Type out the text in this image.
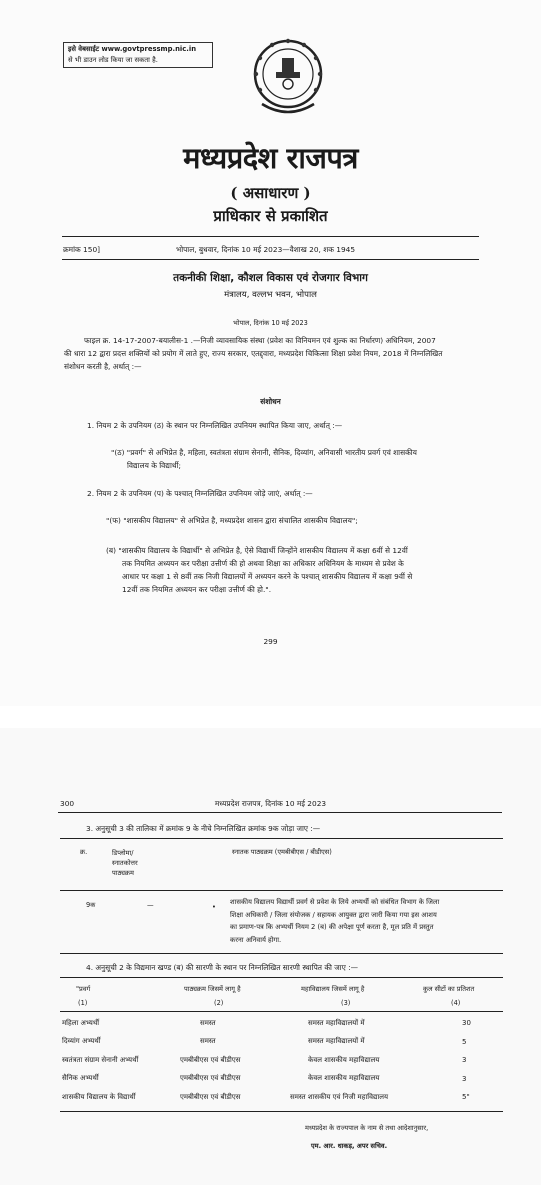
इसे वेबसाईट www.govtpressmp.nic.in
से भी डाउन लोड किया जा सकता है.
मध्यप्रदेश राजपत्र
( असाधारण )
प्राधिकार से प्रकाशित
क्रमांक 150]	भोपाल, बुधवार, दिनांक 10 मई 2023—वैशाख 20, शक 1945
तकनीकी शिक्षा, कौशल विकास एवं रोजगार विभाग
मंत्रालय, वल्लभ भवन, भोपाल
भोपाल, दिनांक 10 मई 2023
फाइल क्र. 14-17-2007-बयालीस-1 .—निजी व्यावसायिक संस्था (प्रवेश का विनियमन एवं शुल्क का निर्धारण) अधिनियम, 2007
की धारा 12 द्वारा प्रदत्त शक्तियों को प्रयोग में लाते हुए, राज्य सरकार, एतद्द्वारा, मध्यप्रदेश चिकित्सा शिक्षा प्रवेश नियम, 2018 में निम्नलिखित
संशोधन करती है, अर्थात् :—
संशोधन
1. नियम 2 के उपनियम (ठ) के स्थान पर निम्नलिखित उपनियम स्थापित किया जाए, अर्थात् :—
"(ठ) "प्रवर्ग" से अभिप्रेत है, महिला, स्वतंत्रता संग्राम सेनानी, सैनिक, दिव्यांग, अनिवासी भारतीय प्रवर्ग एवं शासकीय
विद्यालय के विद्यार्थी;
2. नियम 2 के उपनियम (प) के पश्चात् निम्नलिखित उपनियम जोड़े जाएं, अर्थात् :—
"(फ) "शासकीय विद्यालय" से अभिप्रेत है, मध्यप्रदेश शासन द्वारा संचालित शासकीय विद्यालय";
(ब) "शासकीय विद्यालय के विद्यार्थी" से अभिप्रेत है, ऐसे विद्यार्थी जिन्होंने शासकीय विद्यालय में कक्षा 6वीं से 12वीं
तक नियमित अध्ययन कर परीक्षा उत्तीर्ण की हो अथवा शिक्षा का अधिकार अधिनियम के माध्यम से प्रवेश के
आधार पर कक्षा 1 से 8वीं तक निजी विद्यालयों में अध्ययन करने के पश्चात् शासकीय विद्यालय में कक्षा 9वीं से
12वीं तक नियमित अध्ययन कर परीक्षा उत्तीर्ण की हो.".
299
300	मध्यप्रदेश राजपत्र, दिनांक 10 मई 2023
3. अनुसूची 3 की तालिका में क्रमांक 9 के नीचे निम्नलिखित क्रमांक 9क जोड़ा जाए :—
क्र.	डिप्लोमा/
स्नातकोत्तर
पाठ्यक्रम
स्नातक पाठ्यक्रम (एमबीबीएस / बीडीएस)
9क	—	•
शासकीय विद्यालय विद्यार्थी प्रवर्ग से प्रवेश के लिये अभ्यर्थी को संबंधित विभाग के जिला
शिक्षा अधिकारी / जिला संयोजक / सहायक आयुक्त द्वारा जारी किया गया इस आशय
का प्रमाण-पत्र कि अभ्यर्थी नियम 2 (ब) की अपेक्षा पूर्ण करता है, मूल प्रति में प्रस्तुत
करना अनिवार्य होगा.
4. अनुसूची 2 के विद्यमान खण्ड (ब) की सारणी के स्थान पर निम्नलिखित सारणी स्थापित की जाए :—
"प्रवर्ग	पाठ्यक्रम जिसमें लागू है	महाविद्यालय जिसमें लागू है	कुल सीटों का प्रतिशत
(1)	(2)	(3)	(4)
महिला अभ्यर्थी	समस्त	समस्त महाविद्यालयों में	30
दिव्यांग अभ्यर्थी	समस्त	समस्त महाविद्यालयों में	5
स्वतंत्रता संग्राम सेनानी अभ्यर्थी	एमबीबीएस एवं बीडीएस	केवल शासकीय महाविद्यालय	3
सैनिक अभ्यर्थी	एमबीबीएस एवं बीडीएस	केवल शासकीय महाविद्यालय	3
शासकीय विद्यालय के विद्यार्थी	एमबीबीएस एवं बीडीएस	समस्त शासकीय एवं निजी महाविद्यालय	5"
मध्यप्रदेश के राज्यपाल के नाम से तथा आदेशानुसार,
एम. आर. धाकड़, अपर सचिव.
